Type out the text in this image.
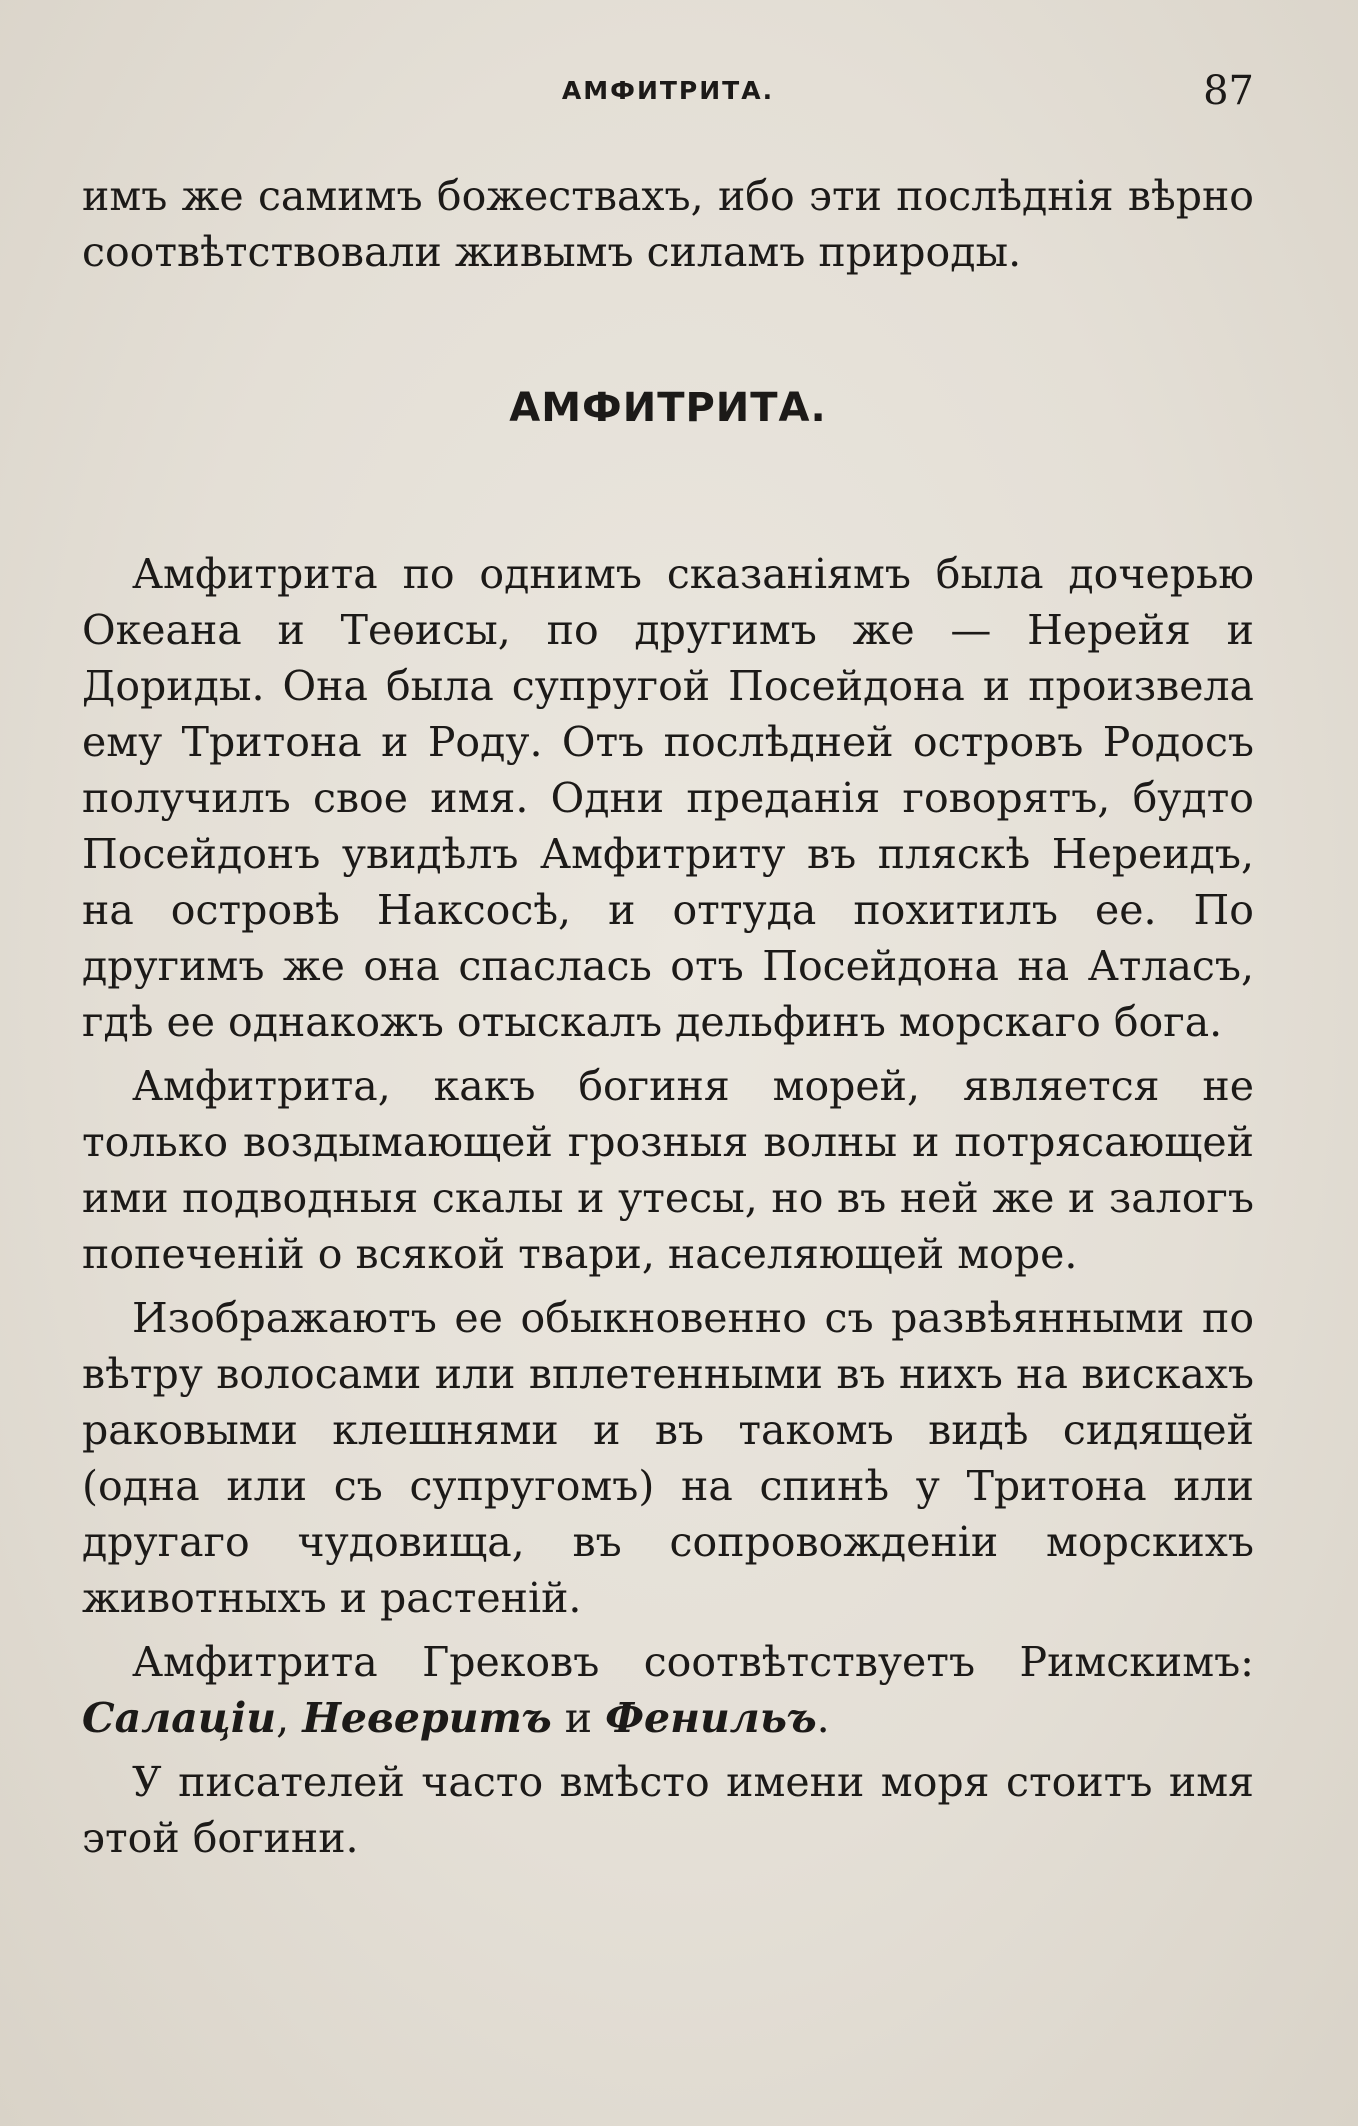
АМФИТРИТА.	87

имъ же самимъ божествахъ, ибо эти послѣднія вѣрно соотвѣтствовали живымъ силамъ природы.

АМФИТРИТА.

Амфитрита по однимъ сказаніямъ была дочерью Океана и Теѳисы, по другимъ же — Нерейя и Дориды. Она была супругой Посейдона и произвела ему Тритона и Роду. Отъ послѣдней островъ Родосъ получилъ свое имя. Одни преданія говорятъ, будто Посейдонъ увидѣлъ Амфитриту въ пляскѣ Нереидъ, на островѣ Наксосѣ, и оттуда похитилъ ее. По другимъ же она спаслась отъ Посейдона на Атласъ, гдѣ ее однакожъ отыскалъ дельфинъ морскаго бога.

Амфитрита, какъ богиня морей, является не только воздымающей грозныя волны и потрясающей ими подводныя скалы и утесы, но въ ней же и залогъ попеченій о всякой твари, населяющей море.

Изображаютъ ее обыкновенно съ развѣянными по вѣтру волосами или вплетенными въ нихъ на вискахъ раковыми клешнями и въ такомъ видѣ сидящей (одна или съ супругомъ) на спинѣ у Тритона или другаго чудовища, въ сопровожденіи морскихъ животныхъ и растеній.

Амфитрита Грековъ соотвѣтствуетъ Римскимъ: Салаціи, Неверитъ и Фенильъ.

У писателей часто вмѣсто имени моря стоитъ имя этой богини.
